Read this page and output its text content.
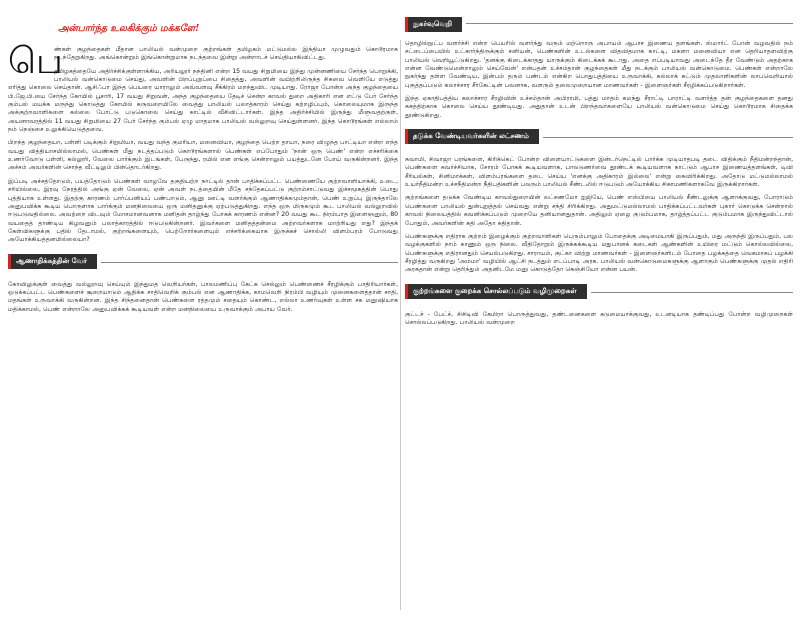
அன்பார்ந்த உலகிக்கும் மக்களே!

பெ
ண்கள் குழந்தைகள் மீதான பாலியல் வன்முறை குற்றங்கள் தமிழகம் மட்டுமல்ல இந்தியா முழுவதும் கொடூரமாக நடந்தேறுகிறது. அங்கொன்றும் இங்கொன்றுமாக நடந்தவை இன்று அன்றாடச் செய்தியாகிவிட்டது.

தமிழகத்தையே அதிர்ச்சிக்குள்ளாக்கிய, அரியலூர் நந்தினி என்ற 15 வயது சிறுமியை இந்து முன்னணியை சேர்ந்த பொறுக்கி, பாலியல் வன்கொடுமை செய்து, அவளின் பிறப்புறுப்பை சிதைத்து, அவளின் வயிற்றிலிருந்த சிசுவை வெளியே எடுத்து எரித்து கொலை செய்தான். ஆசிஃபா இந்த பெயரை யாராலும் அவ்வளவு சீக்கிரம் மறந்துவிட முடியாது. ரோஜா போன்ற அந்த குழந்தையை பி.ஜே.பி.யை சேர்ந்த கோயில் பூசாரி, 17 வயது சிறுவன், அந்த குழந்தையை தேடிச் சென்ற காவல் துறை அதிகாரி என எட்டு பேர் சேர்ந்த கும்பல் மயக்க மருந்து கொடுத்து கோயில் கருவறையிலே வைத்து பாலியல் பலாத்காரம் செய்து கற்றழிப்பும், கொலையுமாக இருந்த அக்குற்றவாளிகளை கல்லை போட்டு படுகொலை செய்து காட்டில் வீசிவிட்டார்கள். இந்த அதிர்ச்சியில் இருந்து மீளுவதற்குள், அயனாவரத்தில் 11 வயது சிறுமியை 27 பேர் சேர்ந்த கும்பல் ஏழு மாதமாக பாலியல் வல்லுறவு செய்துள்ளனர். இந்த கொடூரங்கள் எல்லாம் நம் நெஞ்சை உலுக்கியெடுத்தவை.

பிறந்த குழந்தையா, பள்ளி படிக்கும் சிறுமியா, வயது வந்த குமரியா, மனைவியா, குழந்தை பெற்ற தாயா, நரை விழுந்த பாட்டியா என்ற எந்த வயது வித்தியாசமில்லாமல், பெண்கள் மீது நடத்தப்படும் கொடூரங்களால் பெண்கள் எப்போதும் 'நான் ஒரு பெண்' என்ற எச்சரிக்கை உணர்வோடு பள்ளி, கல்லூரி, வேலை பார்க்கும் இடங்கள், பேருந்து, ரயில் என எங்கு சென்றாலும் பயத்துடனே போய் வருகின்றனர். இந்த அச்சம் அவர்களின் சொந்த வீட்டிலும் பின்தொடர்கிறது.

இப்படி அச்சத்தோடும், பயத்தோடும் பெண்கள் வாழவே தகுதியற்ற நாட்டில் தான் பாதிக்கப்பட்ட பெண்ணையே குற்றவாளியாக்கி, உடை, சரியில்லை, இரவு நேரத்தில் அங்கு ஏன் வேலை, ஏன் அவள் நடத்தையின் மீதே சந்தேகப்பட்டு குற்றம்சாட்டுவது இச்சமூகத்தின் பொது புத்தியாக உள்ளது. இதற்கு காரணம் பார்ப்பனியப் பண்பாடும், ஆனு ஊட்டி வளர்க்கும் ஆணாதிக்கமும்தான், பெண் உறுப்பு இருந்தாலே அனுபவிக்க கூடிய பொருளாக பார்க்கும் மனநிலையை ஒரு மனிதனுக்கு ஏற்படுத்துகிறது. எந்த ஒரு மிருகமும் கூட பாலியல் வல்லுறவில் ஈடுபடுவதில்லை. அவற்றை விடவும் மோசமானவனாக மனிதன் தாழ்ந்து போகக் காரணம் என்ன? 20 வயது கூட நிரம்பாத இளைஞனும், 80 வயதைத் தாண்டிய கிழவனும் பலாத்காரத்தில் ஈடுபடுகின்றனர். இவர்களை மனிதத்தன்மை அற்றவர்களாக மாற்றியது எது? இந்தக் கேள்விகளுக்கு பதில் தேடாமல், குற்றங்களையும், பெற்றோர்களையும் எச்சரிக்கையாக இருக்கச் சொல்லி விளம்பரம் போடுவது அயோக்கியத்தனமில்லையா?

ஆணாதிக்கத்தின் வேர்

கோவிலுக்குள் வைத்து வல்லுறவு செய்யும் இந்துமத வெறியர்கள், பாலமணிப்பு கேட்க செல்லும் பெண்ணைச் சீரழிக்கும் பாதிரியார்கள், ஒடுக்கப்பட்ட பெண்களைச் சூறையாடும் ஆதிக்க சாதிவெறிக் கும்பல் என ஆணாதிக்க, காமவெறி நிரம்பி வழியும் முனைகளைத்தான் சாதி, மதங்கள் உருவாக்கி வருகின்றன. இந்த சிந்தனைதான் பெண்களை ரத்தமும் சதையும் கொண்ட, எல்லா உணர்வுகள் உள்ள சக மனுஷியாக மதிக்காமல், பெண் என்றாலே அனுபவிக்கக் கூடியவள் என்ற மனநிலையை உருவாக்கும் அபாய வேர்.

நுகர்வுவெறி

தொழில்நுட்ப வளர்ச்சி என்ற பெயரில் வளர்ந்து வரும் மற்றொரு அபாயம் ஆபாச இணைய தளங்கள். ஸ்மார்ட் போன் வழவதில் நம் சட்டைப்பையில் உட்கார்ந்திருக்கும் சனியன், பெண்களின் உடல்களை விதவிதமாக காட்டி, மகளா மனைவியா என தெரியாதளவிற்கு பாலியல் வெறியூட்டுகிறது. 'தனக்கு கிடைக்காதது யாருக்கும் கிடைக்கக் கூடாது. அதை எப்படியாவது அடைந்தே தீர வேண்டும் அதற்காக என்ன வேண்டுமென்றாலும் செய்வேன்' என்பதன் உச்சம்தான் குழந்தைகள் மீது நடக்கும் பாலியல் வன்கொடுமை. பெண்கள் என்றாலே நுகர்ந்து தள்ள வேண்டிய, இன்பம் தரும் பண்டம் என்கிற பொதுபுத்தியை உருவாக்கி, கல்லாக் கட்டும் முதலாளிகளின் லாபவெறியால் புகுத்தப்படும் கலாச்சார சீர்கேட்டின் பலனாக, வளரும் தலைமுறையான மாணவர்கள் - இளைஞர்கள் சீரழிக்கப்படுகிறார்கள்.

இந்த ஏகாதிபத்திய கலாச்சார சீரழிவின் உச்சம்தான் அபிராமி, புத்து மாதம் சுமந்து சீராட்டி பாராட்டி வளர்த்த தன் குழந்தைகளை தனது சுகத்திற்காக கொலை செய்ய தூண்டியது. அதுதான் உடன் பிறந்தவர்களையே பாலியல் வன்கொடுமை செய்து கொடூரமாக சிதைக்க தூண்டுகிறது.

தடுக்க வேண்டியவர்களின் லட்சணம்

சுவாமி, சிவாஜா பரங்களை, கிரிக்கெட் போன்ற விளையாட்டுகளை இன்டர்நெட்டில் பார்க்க முடியாதபடி தடை விதிக்கும் நீதிமன்றந்தான், பெண்களை கவர்ச்சியாக, சோரம் போகக் கூடியவளாக, பாலடுணர்வை தூண்டக் கூடியவளாக காட்டும் ஆபாச இணையத்தளங்கள், டிவி சீரியல்கள், சினிமாக்கள், விளம்பரங்களை தடை செய்ய 'எனக்கு அதிகாரம் இல்லை' என்று கைவிரிக்கிறது. அதோடு மட்டுமல்லாமல் உயர்நீதிமன்ற உச்சநீதிமன்ற நீதிபதிகளின் பலரும் பாலியல் சீண்டலில் ஈடுபடும் அயோக்கிய சிகாமணிகளாகவே இருக்கிறார்கள்.

குற்றங்களை தடுக்க வேண்டிய காவல்துறையின் லட்சணமோ ஐஜியே, பெண் எஸ்பியை பாலியல் சீண்டலுக்கு ஆளாக்குவது, போராடும் பெண்களை பாலியல் துன்புறுத்தல் செய்வது என்று சந்தி சிரிக்கிறது. அதுமட்டுமல்லாமல் பாதிக்கப்பட்டவர்கள் புகார் கொடுக்க சென்றால் காவல் நிலையத்தில் கவனிக்கப்படும் முறையே தனியானதுதான். அதிலும் ஏழை குடும்பமாக, தாழ்த்தப்பட்ட குடும்பமாக இருந்துவிட்டால் போதும், அவர்களின் கதி அதோ கதிதான்.

பெண்களுக்கு எதிராக குற்றம் இழைக்கும் குற்றவாளிகள் பெரும்பாலும் போதைக்கு அடிமையாகி இருப்பதும், மது அருந்தி இருப்பதும், பல வழக்குகளில் நாம் காணும் ஒரு நிலை. வீதிதோறும் இருக்கக்கூடிய மதுபானக் கடைகள் ஆண்களின் உயிரை மட்டும் கொல்லவில்லை, பெண்களுக்கு எதிரானதும் செயல்படுகிறது. சாராயம், குட்கா விற்று மாணவர்கள் - இளைஞர்களிடம் போதை பழக்கத்தை வெகமாகப் பழக்கி சீரழித்து வருகிறது 'அம்மா' வழியில் ஆட்சி நடத்தும் எடப்பாடி அரசு. பாலியல் வன்கொடுமைகளுக்கு ஆளாகும் பெண்களுக்கு முதல் எதிரி அரசுதான் என்று தெரிந்தும் அதனிடமே மனு கொடுத்தோ கெஞ்சியோ என்ன பயன்.

குற்றங்களை குறைக்க சொல்லப்படும் வழிமுறைகள்

குட்டச் - பேட்ச், சிசிடிவி கேமிரா பொருத்துவது, தண்டனைகளை கடுமையாக்குவது, உடனடியாக தண்டிப்பது போன்ற வழிமுறைகள் சொல்லப்படுகிறது. பாலியல் வன்முறை
